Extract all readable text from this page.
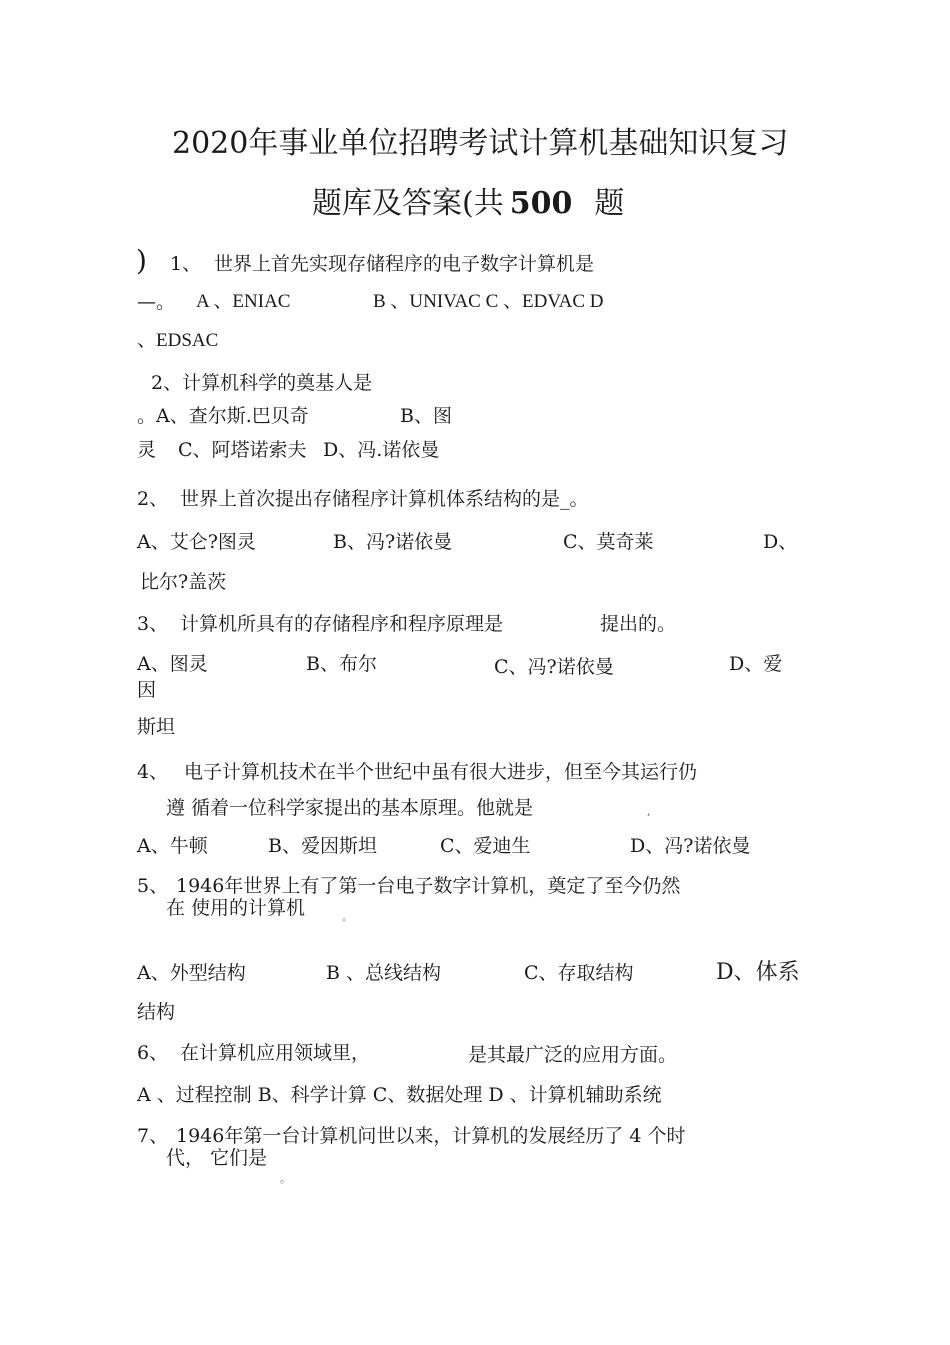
2020年事业单位招聘考试计算机基础知识复习
题库及答案(共 500 题
) 1、 世界上首先实现存储程序的电子数字计算机是
—。 A 、ENIAC	B 、UNIVAC C 、EDVAC D
、EDSAC
2、计算机科学的奠基人是
。A、查尔斯.巴贝奇	B、图
灵 C、阿塔诺索夫 D、冯.诺依曼
2、 世界上首次提出存储程序计算机体系结构的是_。
A、艾仑?图灵	B、冯?诺依曼	C、莫奇莱	D、
比尔?盖茨
3、 计算机所具有的存储程序和程序原理是	提出的。
A、图灵	B、布尔	C、冯?诺依曼	D、爱
因
斯坦
4、 电子计算机技术在半个世纪中虽有很大进步，但至今其运行仍
遵 循着一位科学家提出的基本原理。他就是	,
A、牛顿	B、爱因斯坦	C、爱迪生	D、冯?诺依曼
5、 1946年世界上有了第一台电子数字计算机，奠定了至今仍然
在 使用的计算机	。
A、外型结构	B 、总线结构	C、存取结构	D、体系
结构
6、 在计算机应用领域里，	是其最广泛的应用方面。
A 、过程控制 B、科学计算 C、数据处理 D 、计算机辅助系统
7、 1946年第一台计算机问世以来，计算机的发展经历了 4 个时
代， 它们是
。
